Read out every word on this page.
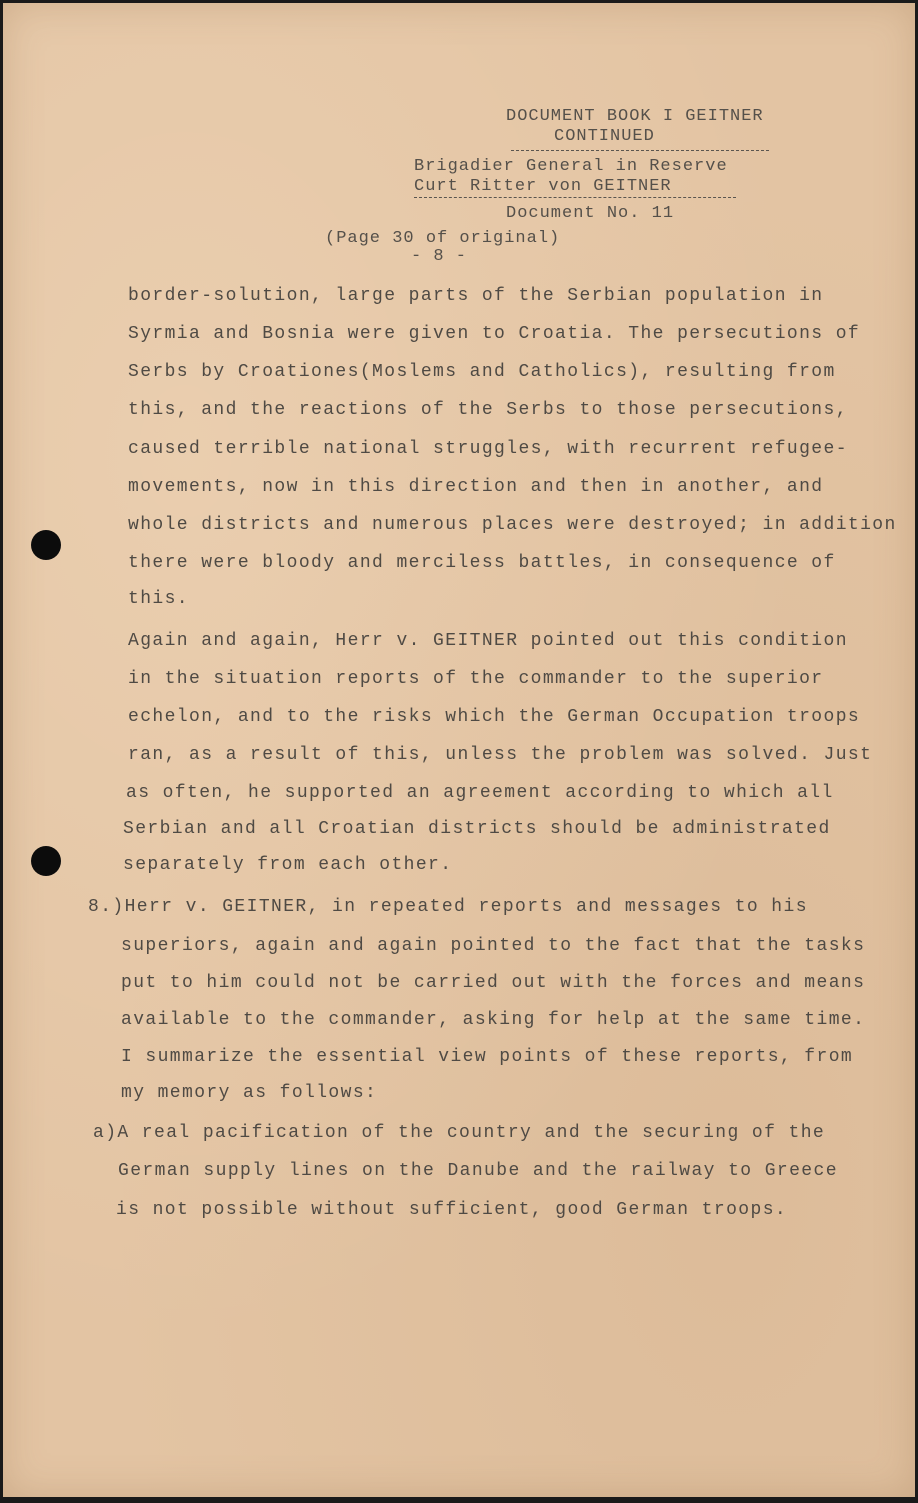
DOCUMENT BOOK I GEITNER
CONTINUED
Brigadier General in Reserve
Curt Ritter von GEITNER
Document No. 11
(Page 30 of original)
- 8 -
border-solution, large parts of the Serbian population in
Syrmia and Bosnia were given to Croatia. The persecutions of
Serbs by Croationes(Moslems and Catholics), resulting from
this, and the reactions of the Serbs to those persecutions,
caused terrible national struggles, with recurrent refugee-
movements, now in this direction and then in another, and
whole districts and numerous places were destroyed; in addition
there were bloody and merciless battles, in consequence of
this.
Again and again, Herr v. GEITNER pointed out this condition
in the situation reports of the commander to the superior
echelon, and to the risks which the German Occupation troops
ran, as a result of this, unless the problem was solved. Just
as often, he supported an agreement according to which all
Serbian and all Croatian districts should be administrated
separately from each other.
8.)Herr v. GEITNER, in repeated reports and messages to his
superiors, again and again pointed to the fact that the tasks
put to him could not be carried out with the forces and means
available to the commander, asking for help at the same time.
I summarize the essential view points of these reports, from
my memory as follows:
a)A real pacification of the country and the securing of the
German supply lines on the Danube and the railway to Greece
is not possible without sufficient, good German troops.
